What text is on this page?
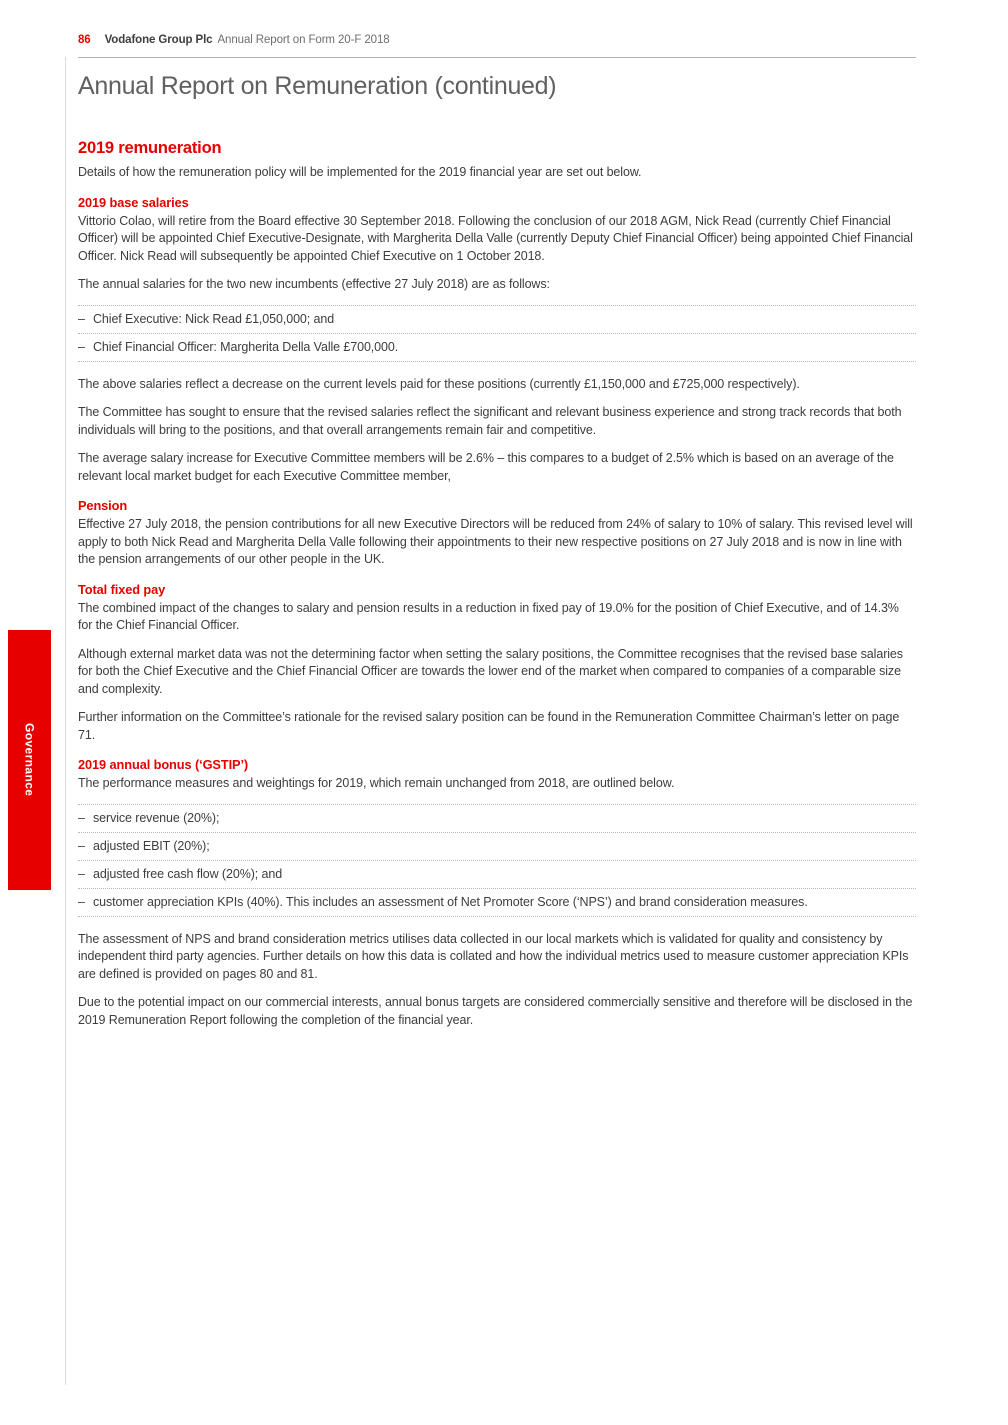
Governance
86 Vodafone Group Plc Annual Report on Form 20-F 2018
Annual Report on Remuneration (continued)
2019 remuneration

Details of how the remuneration policy will be implemented for the 2019 financial year are set out below.

2019 base salaries

Vittorio Colao, will retire from the Board effective 30 September 2018. Following the conclusion of our 2018 AGM, Nick Read (currently Chief Financial Officer) will be appointed Chief Executive-Designate, with Margherita Della Valle (currently Deputy Chief Financial Officer) being appointed Chief Financial Officer. Nick Read will subsequently be appointed Chief Executive on 1 October 2018.

The annual salaries for the two new incumbents (effective 27 July 2018) are as follows:

– Chief Executive: Nick Read £1,050,000; and
– Chief Financial Officer: Margherita Della Valle £700,000.

The above salaries reflect a decrease on the current levels paid for these positions (currently £1,150,000 and £725,000 respectively).

The Committee has sought to ensure that the revised salaries reflect the significant and relevant business experience and strong track records that both individuals will bring to the positions, and that overall arrangements remain fair and competitive.

The average salary increase for Executive Committee members will be 2.6% – this compares to a budget of 2.5% which is based on an average of the relevant local market budget for each Executive Committee member,

Pension

Effective 27 July 2018, the pension contributions for all new Executive Directors will be reduced from 24% of salary to 10% of salary. This revised level will apply to both Nick Read and Margherita Della Valle following their appointments to their new respective positions on 27 July 2018 and is now in line with the pension arrangements of our other people in the UK.

Total fixed pay

The combined impact of the changes to salary and pension results in a reduction in fixed pay of 19.0% for the position of Chief Executive, and of 14.3% for the Chief Financial Officer.

Although external market data was not the determining factor when setting the salary positions, the Committee recognises that the revised base salaries for both the Chief Executive and the Chief Financial Officer are towards the lower end of the market when compared to companies of a comparable size and complexity.

Further information on the Committee’s rationale for the revised salary position can be found in the Remuneration Committee Chairman’s letter on page 71.

2019 annual bonus (‘GSTIP’)

The performance measures and weightings for 2019, which remain unchanged from 2018, are outlined below.

– service revenue (20%);
– adjusted EBIT (20%);
– adjusted free cash flow (20%); and
– customer appreciation KPIs (40%). This includes an assessment of Net Promoter Score (‘NPS’) and brand consideration measures.

The assessment of NPS and brand consideration metrics utilises data collected in our local markets which is validated for quality and consistency by independent third party agencies. Further details on how this data is collated and how the individual metrics used to measure customer appreciation KPIs are defined is provided on pages 80 and 81.

Due to the potential impact on our commercial interests, annual bonus targets are considered commercially sensitive and therefore will be disclosed in the 2019 Remuneration Report following the completion of the financial year.
